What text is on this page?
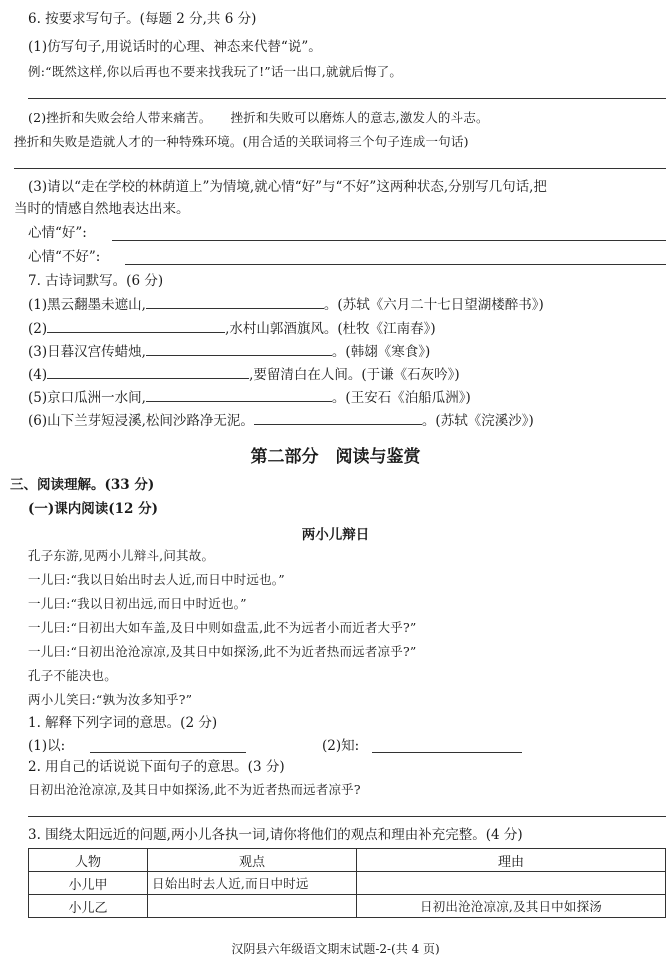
6. 按要求写句子。(每题 2 分,共 6 分)
(1)仿写句子,用说话时的心理、神态来代替“说”。
例:“既然这样,你以后再也不要来找我玩了!”话一出口,就就后悔了。
(2)挫折和失败会给人带来痛苦。　　挫折和失败可以磨炼人的意志,激发人的斗志。
挫折和失败是造就人才的一种特殊环境。(用合适的关联词将三个句子连成一句话)
(3)请以“走在学校的林荫道上”为情境,就心情“好”与“不好”这两种状态,分别写几句话,把
当时的情感自然地表达出来。
心情“好”:
心情“不好”:
7. 古诗词默写。(6 分)
(1)黑云翻墨未遮山,	。(苏轼《六月二十七日望湖楼醉书》)
(2)	,水村山郭酒旗风。(杜牧《江南春》)
(3)日暮汉宫传蜡烛,	。(韩翃《寒食》)
(4)	,要留清白在人间。(于谦《石灰吟》)
(5)京口瓜洲一水间,	。(王安石《泊船瓜洲》)
(6)山下兰芽短浸溪,松间沙路净无泥。	。(苏轼《浣溪沙》)
第二部分　阅读与鉴赏
三、阅读理解。(33 分)
(一)课内阅读(12 分)
两小儿辩日
孔子东游,见两小儿辩斗,问其故。
一儿曰:“我以日始出时去人近,而日中时远也。”
一儿曰:“我以日初出远,而日中时近也。”
一儿曰:“日初出大如车盖,及日中则如盘盂,此不为远者小而近者大乎?”
一儿曰:“日初出沧沧凉凉,及其日中如探汤,此不为近者热而远者凉乎?”
孔子不能决也。
两小儿笑曰:“孰为汝多知乎?”
1. 解释下列字词的意思。(2 分)
(1)以:	(2)知:
2. 用自己的话说说下面句子的意思。(3 分)
日初出沧沧凉凉,及其日中如探汤,此不为近者热而远者凉乎?
3. 围绕太阳远近的问题,两小儿各执一词,请你将他们的观点和理由补充完整。(4 分)
人物	观点	理由
小儿甲	日始出时去人近,而日中时远	
小儿乙		日初出沧沧凉凉,及其日中如探汤
汉阴县六年级语文期末试题-2-(共 4 页)
